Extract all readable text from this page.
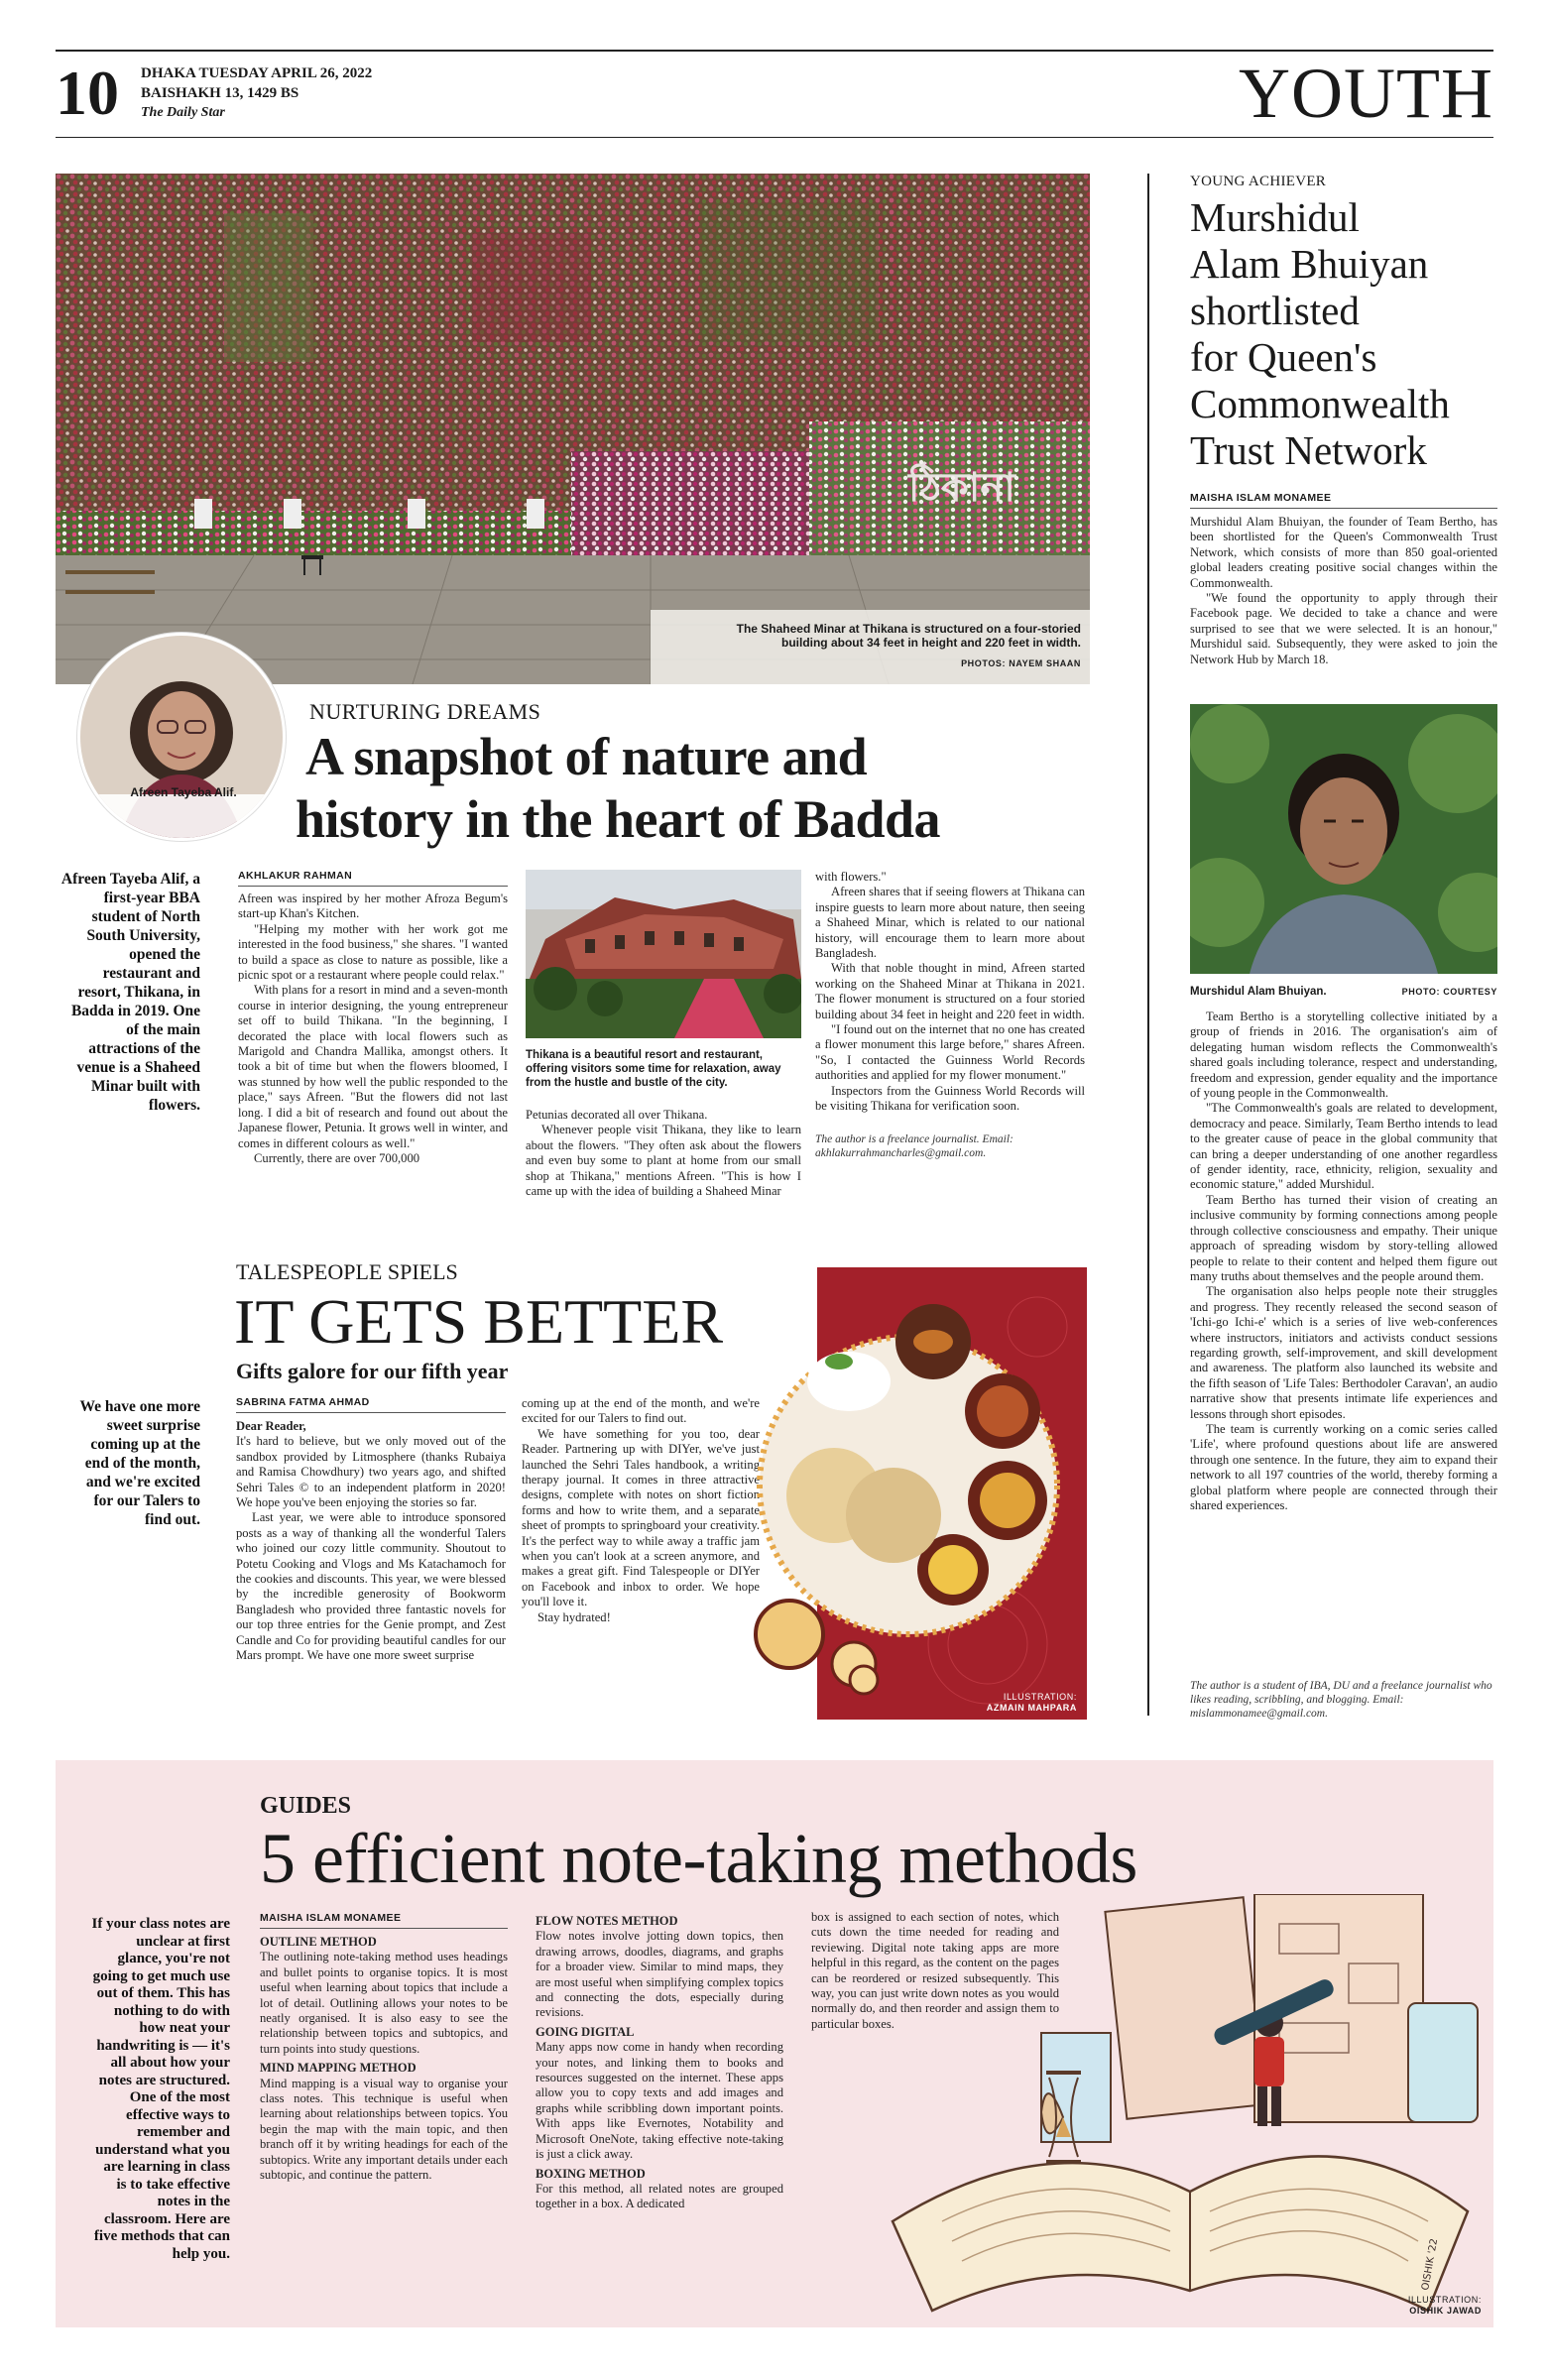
10 DHAKA TUESDAY APRIL 26, 2022
BAISHAKH 13, 1429 BS
The Daily Star	YOUTH
ঠিকানা
The Shaheed Minar at Thikana is structured on a four-storied building about 34 feet in height and 220 feet in width.
PHOTOS: NAYEM SHAAN
Afreen Tayeba Alif.
NURTURING DREAMS
A snapshot of nature and
history in the heart of Badda
Afreen Tayeba Alif, a first-year BBA student of North South University, opened the restaurant and resort, Thikana, in Badda in 2019. One of the main attractions of the venue is a Shaheed Minar built with flowers.
AKHLAKUR RAHMAN

Afreen was inspired by her mother Afroza Begum's start-up Khan's Kitchen.

"Helping my mother with her work got me interested in the food business," she shares. "I wanted to build a space as close to nature as possible, like a picnic spot or a restaurant where people could relax."

With plans for a resort in mind and a seven-month course in interior designing, the young entrepreneur set off to build Thikana. "In the beginning, I decorated the place with local flowers such as Marigold and Chandra Mallika, amongst others. It took a bit of time but when the flowers bloomed, I was stunned by how well the public responded to the place," says Afreen. "But the flowers did not last long. I did a bit of research and found out about the Japanese flower, Petunia. It grows well in winter, and comes in different colours as well."

Currently, there are over 700,000

Thikana is a beautiful resort and restaurant, offering visitors some time for relaxation, away from the hustle and bustle of the city.

Petunias decorated all over Thikana.

Whenever people visit Thikana, they like to learn about the flowers. "They often ask about the flowers and even buy some to plant at home from our small shop at Thikana," mentions Afreen. "This is how I came up with the idea of building a Shaheed Minar

with flowers."

Afreen shares that if seeing flowers at Thikana can inspire guests to learn more about nature, then seeing a Shaheed Minar, which is related to our national history, will encourage them to learn more about Bangladesh.

With that noble thought in mind, Afreen started working on the Shaheed Minar at Thikana in 2021. The flower monument is structured on a four storied building about 34 feet in height and 220 feet in width.

"I found out on the internet that no one has created a flower monument this large before," shares Afreen. "So, I contacted the Guinness World Records authorities and applied for my flower monument."

Inspectors from the Guinness World Records will be visiting Thikana for verification soon.

The author is a freelance journalist. Email: akhlakurrahmancharles@gmail.com.
YOUNG ACHIEVER
Murshidul
Alam Bhuiyan
shortlisted
for Queen's
Commonwealth
Trust Network
MAISHA ISLAM MONAMEE

Murshidul Alam Bhuiyan, the founder of Team Bertho, has been shortlisted for the Queen's Commonwealth Trust Network, which consists of more than 850 goal-oriented global leaders creating positive social changes within the Commonwealth.

"We found the opportunity to apply through their Facebook page. We decided to take a chance and were surprised to see that we were selected. It is an honour," Murshidul said. Subsequently, they were asked to join the Network Hub by March 18.

Murshidul Alam Bhuiyan.	PHOTO: COURTESY

Team Bertho is a storytelling collective initiated by a group of friends in 2016. The organisation's aim of delegating human wisdom reflects the Commonwealth's shared goals including tolerance, respect and understanding, freedom and expression, gender equality and the importance of young people in the Commonwealth.

"The Commonwealth's goals are related to development, democracy and peace. Similarly, Team Bertho intends to lead to the greater cause of peace in the global community that can bring a deeper understanding of one another regardless of gender identity, race, ethnicity, religion, sexuality and economic stature," added Murshidul.

Team Bertho has turned their vision of creating an inclusive community by forming connections among people through collective consciousness and empathy. Their unique approach of spreading wisdom by story-telling allowed people to relate to their content and helped them figure out many truths about themselves and the people around them.

The organisation also helps people note their struggles and progress. They recently released the second season of 'Ichi-go Ichi-e' which is a series of live web-conferences where instructors, initiators and activists conduct sessions regarding growth, self-improvement, and skill development and awareness. The platform also launched its website and the fifth season of 'Life Tales: Berthodoler Caravan', an audio narrative show that presents intimate life experiences and lessons through short episodes.

The team is currently working on a comic series called 'Life', where profound questions about life are answered through one sentence. In the future, they aim to expand their network to all 197 countries of the world, thereby forming a global platform where people are connected through their shared experiences.

The author is a student of IBA, DU and a freelance journalist who likes reading, scribbling, and blogging. Email: mislammonamee@gmail.com.
TALESPEOPLE SPIELS
IT GETS BETTER
Gifts galore for our fifth year
We have one more sweet surprise coming up at the end of the month, and we're excited for our Talers to find out.
SABRINA FATMA AHMAD

Dear Reader,

It's hard to believe, but we only moved out of the sandbox provided by Litmosphere (thanks Rubaiya and Ramisa Chowdhury) two years ago, and shifted Sehri Tales © to an independent platform in 2020! We hope you've been enjoying the stories so far.

Last year, we were able to introduce sponsored posts as a way of thanking all the wonderful Talers who joined our cozy little community. Shoutout to Potetu Cooking and Vlogs and Ms Katachamoch for the cookies and discounts. This year, we were blessed by the incredible generosity of Bookworm Bangladesh who provided three fantastic novels for our top three entries for the Genie prompt, and Zest Candle and Co for providing beautiful candles for our Mars prompt. We have one more sweet surprise

coming up at the end of the month, and we're excited for our Talers to find out.

We have something for you too, dear Reader. Partnering up with DIYer, we've just launched the Sehri Tales handbook, a writing therapy journal. It comes in three attractive designs, complete with notes on short fiction forms and how to write them, and a separate sheet of prompts to springboard your creativity. It's the perfect way to while away a traffic jam when you can't look at a screen anymore, and makes a great gift. Find Talespeople or DIYer on Facebook and inbox to order. We hope you'll love it.

Stay hydrated!

ILLUSTRATION:
AZMAIN MAHPARA
GUIDES
5 efficient note-taking methods
If your class notes are unclear at first glance, you're not going to get much use out of them. This has nothing to do with how neat your handwriting is — it's all about how your notes are structured. One of the most effective ways to remember and understand what you are learning in class is to take effective notes in the classroom. Here are five methods that can help you.
MAISHA ISLAM MONAMEE
OUTLINE METHOD

The outlining note-taking method uses headings and bullet points to organise topics. It is most useful when learning about topics that include a lot of detail. Outlining allows your notes to be neatly organised. It is also easy to see the relationship between topics and subtopics, and turn points into study questions.

MIND MAPPING METHOD

Mind mapping is a visual way to organise your class notes. This technique is useful when learning about relationships between topics. You begin the map with the main topic, and then branch off it by writing headings for each of the subtopics. Write any important details under each subtopic, and continue the pattern.

FLOW NOTES METHOD

Flow notes involve jotting down topics, then drawing arrows, doodles, diagrams, and graphs for a broader view. Similar to mind maps, they are most useful when simplifying complex topics and connecting the dots, especially during revisions.

GOING DIGITAL

Many apps now come in handy when recording your notes, and linking them to books and resources suggested on the internet. These apps allow you to copy texts and add images and graphs while scribbling down important points. With apps like Evernotes, Notability and Microsoft OneNote, taking effective note-taking is just a click away.

BOXING METHOD

For this method, all related notes are grouped together in a box. A dedicated

box is assigned to each section of notes, which cuts down the time needed for reading and reviewing. Digital note taking apps are more helpful in this regard, as the content on the pages can be reordered or resized subsequently. This way, you can just write down notes as you would normally do, and then reorder and assign them to particular boxes.

OISHIK '22
ILLUSTRATION:
OISHIK JAWAD
